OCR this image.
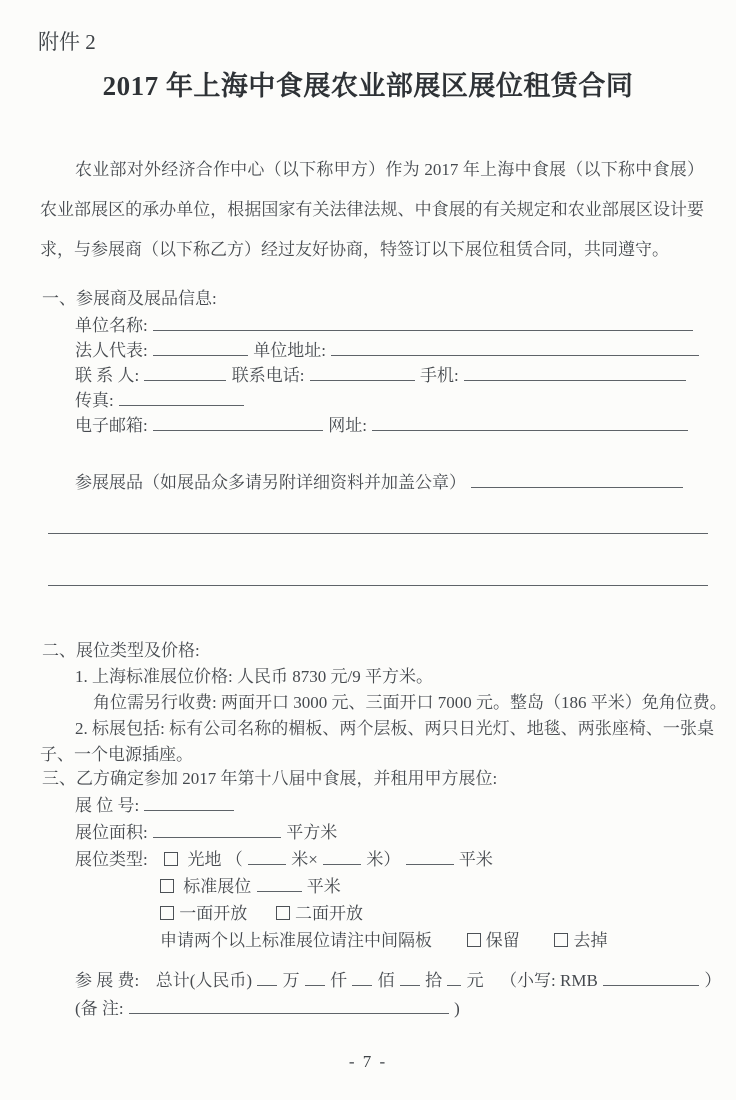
附件 2
2017 年上海中食展农业部展区展位租赁合同

农业部对外经济合作中心（以下称甲方）作为 2017 年上海中食展（以下称中食展）农业部展区的承办单位，根据国家有关法律法规、中食展的有关规定和农业部展区设计要求，与参展商（以下称乙方）经过友好协商，特签订以下展位租赁合同，共同遵守。

一、参展商及展品信息:
单位名称:
法人代表:	单位地址:
联 系 人:	联系电话:	手机:
传真:
电子邮箱:	网址:
参展展品（如展品众多请另附详细资料并加盖公章）
二、展位类型及价格:
1. 上海标准展位价格: 人民币 8730 元/9 平方米。
角位需另行收费: 两面开口 3000 元、三面开口 7000 元。整岛（186 平米）免角位费。

2. 标展包括: 标有公司名称的楣板、两个层板、两只日光灯、地毯、两张座椅、一张桌子、一个电源插座。

三、乙方确定参加 2017 年第十八届中食展，并租用甲方展位:
展 位 号:
展位面积:	平方米
展位类型: 光地 （	米×	米）	平米
标准展位	平米
一面开放	二面开放
申请两个以上标准展位请注中间隔板	保留	去掉
参 展 费: 总计(人民币) 万 仟 佰 拾 元 （小写: RMB	）
(备 注:	)
- 7 -
